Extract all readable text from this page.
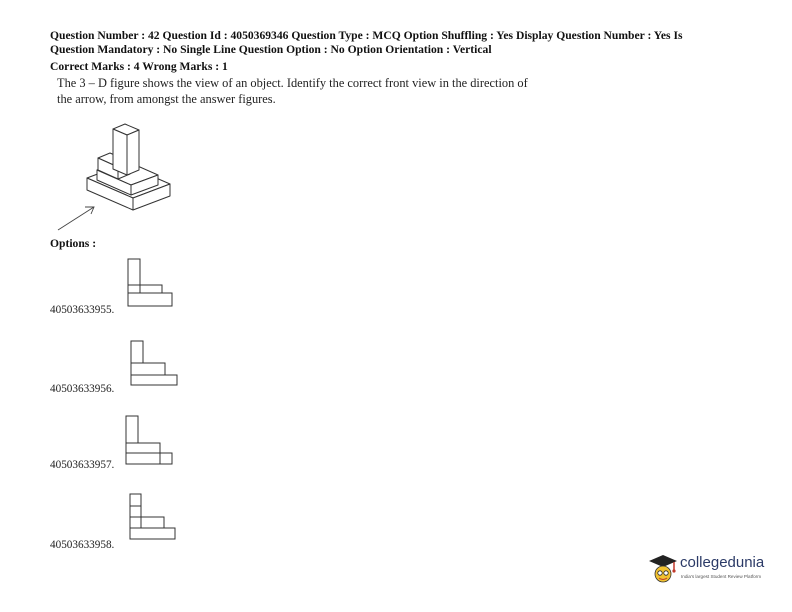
Question Number : 42 Question Id : 4050369346 Question Type : MCQ Option Shuffling : Yes Display Question Number : Yes Is
Question Mandatory : No Single Line Question Option : No Option Orientation : Vertical
Correct Marks : 4 Wrong Marks : 1
The 3 – D figure shows the view of an object. Identify the correct front view in the direction of
the arrow, from amongst the answer figures.
Options :
40503633955.
40503633956.
40503633957.
40503633958.
collegedunia
India's largest Student Review Platform
